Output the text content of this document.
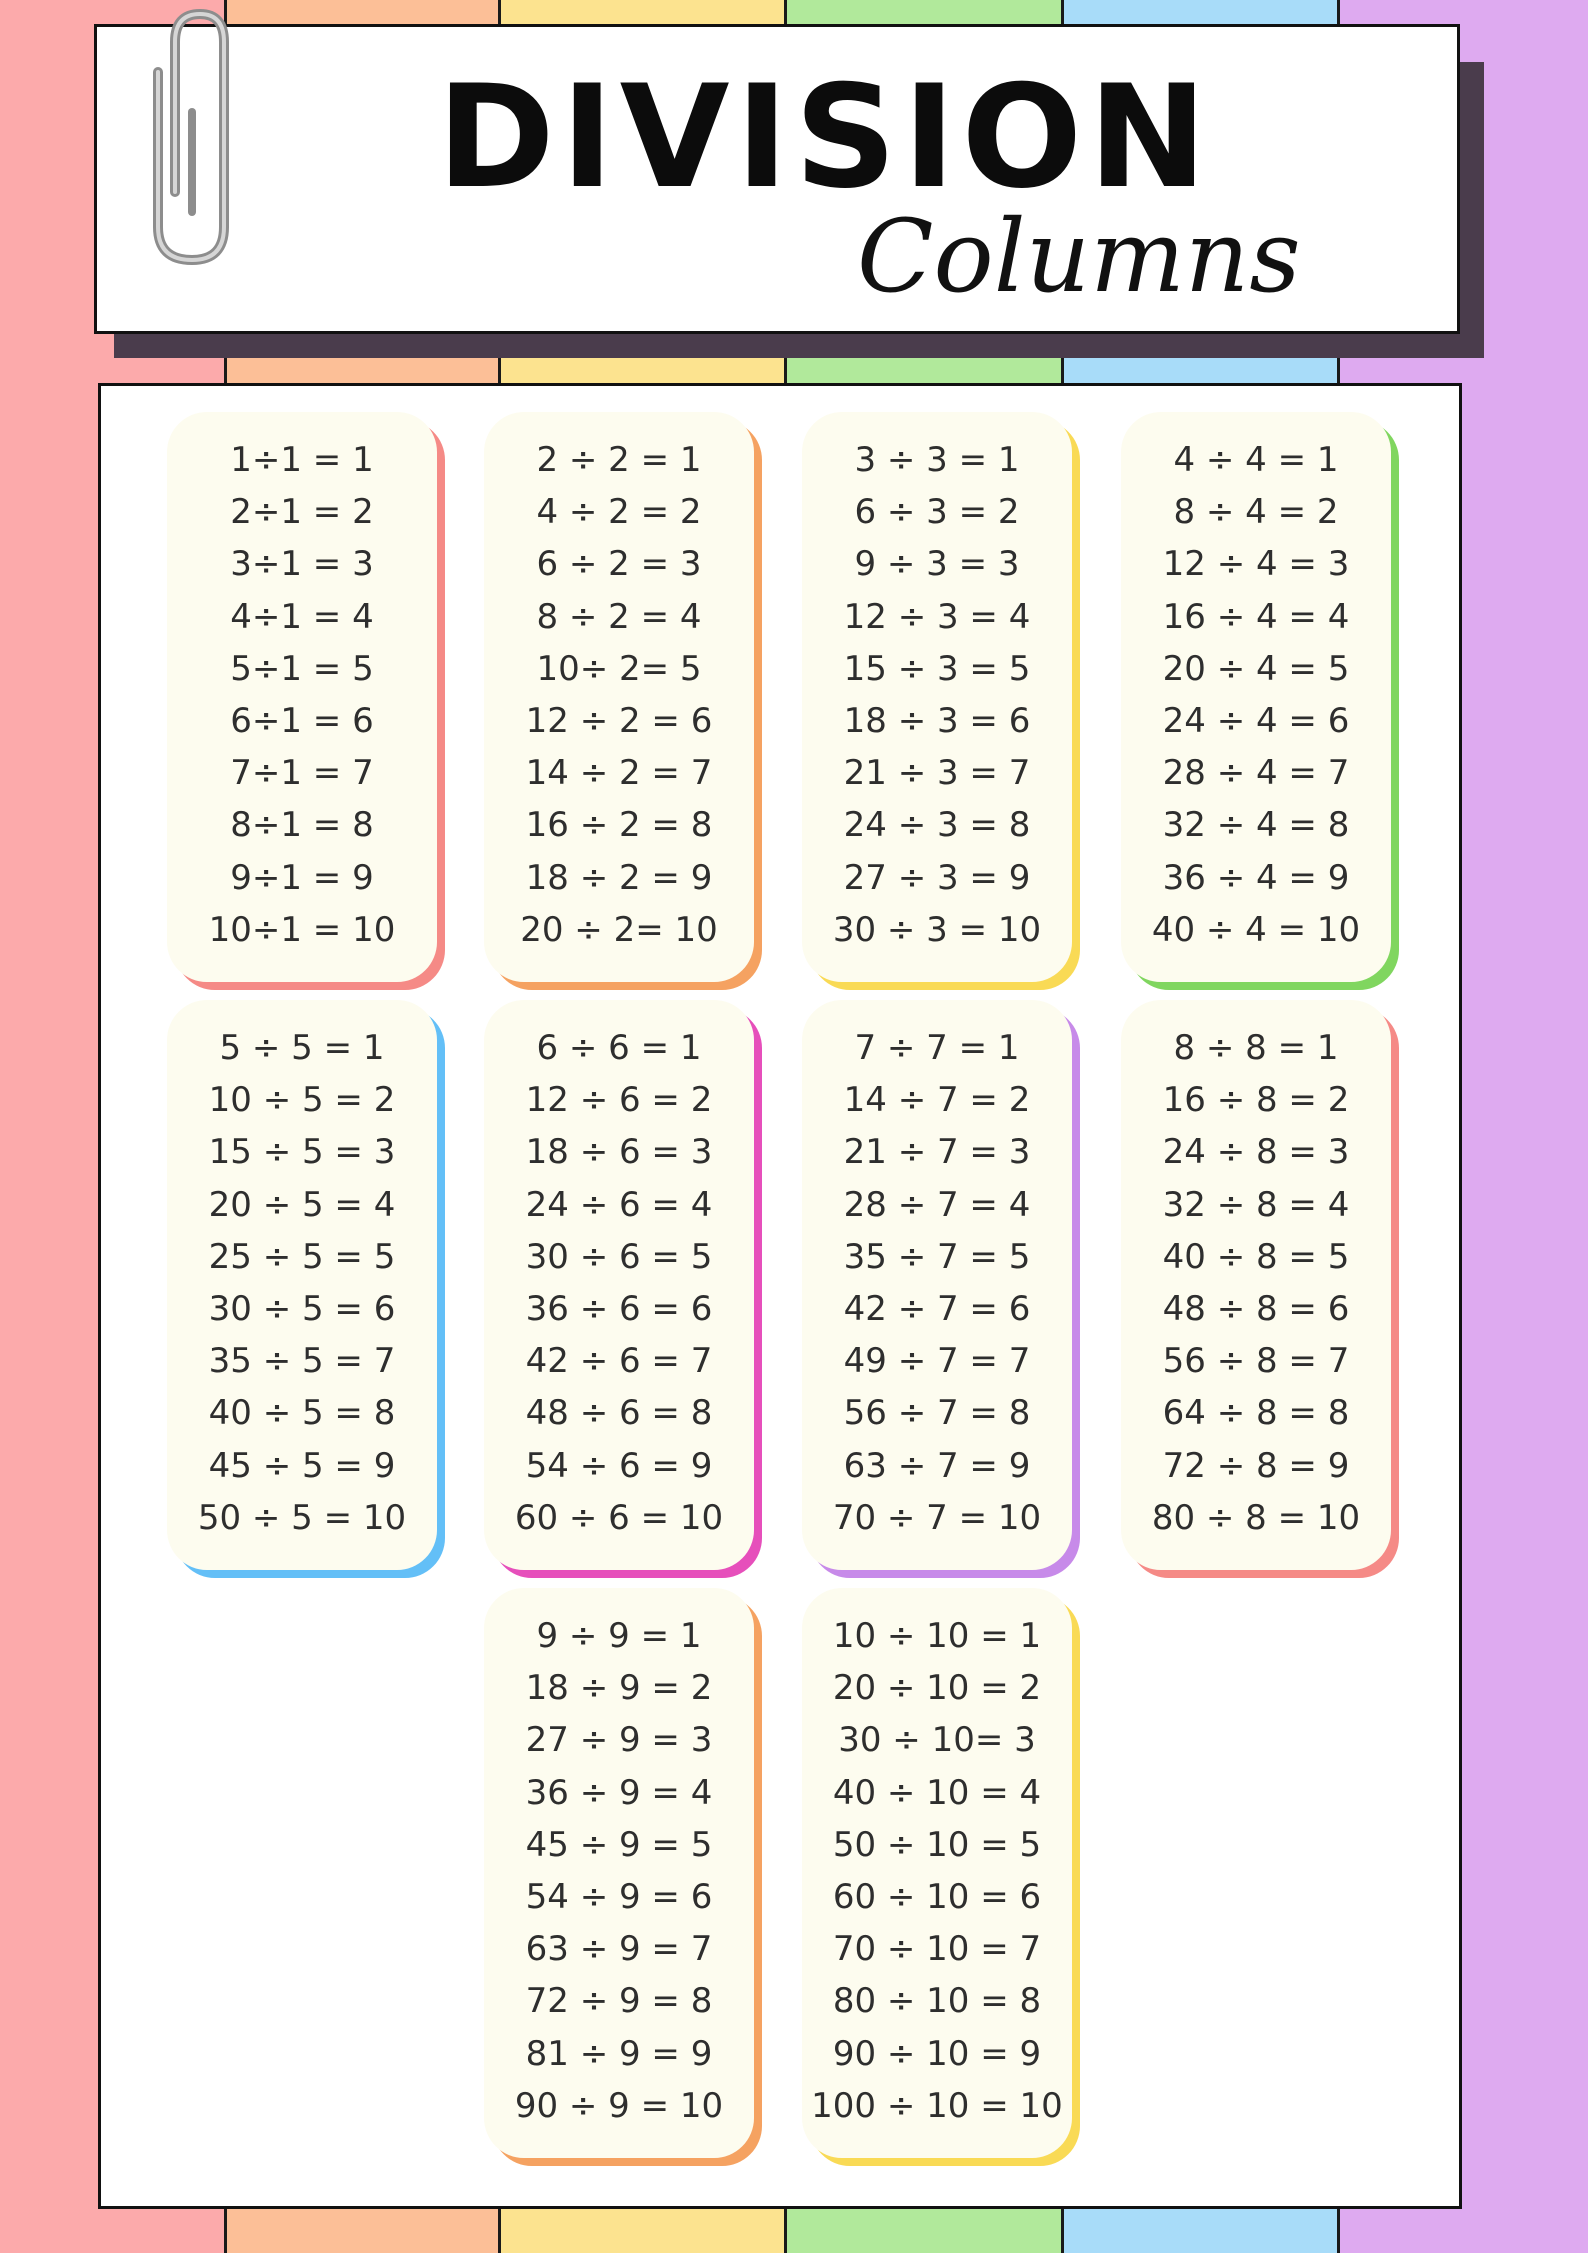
DIVISION
Columns
1÷1 = 1
2÷1 = 2
3÷1 = 3
4÷1 = 4
5÷1 = 5
6÷1 = 6
7÷1 = 7
8÷1 = 8
9÷1 = 9
10÷1 = 10
2 ÷ 2 = 1
4 ÷ 2 = 2
6 ÷ 2 = 3
8 ÷ 2 = 4
10÷ 2= 5
12 ÷ 2 = 6
14 ÷ 2 = 7
16 ÷ 2 = 8
18 ÷ 2 = 9
20 ÷ 2= 10
3 ÷ 3 = 1
6 ÷ 3 = 2
9 ÷ 3 = 3
12 ÷ 3 = 4
15 ÷ 3 = 5
18 ÷ 3 = 6
21 ÷ 3 = 7
24 ÷ 3 = 8
27 ÷ 3 = 9
30 ÷ 3 = 10
4 ÷ 4 = 1
8 ÷ 4 = 2
12 ÷ 4 = 3
16 ÷ 4 = 4
20 ÷ 4 = 5
24 ÷ 4 = 6
28 ÷ 4 = 7
32 ÷ 4 = 8
36 ÷ 4 = 9
40 ÷ 4 = 10
5 ÷ 5 = 1
10 ÷ 5 = 2
15 ÷ 5 = 3
20 ÷ 5 = 4
25 ÷ 5 = 5
30 ÷ 5 = 6
35 ÷ 5 = 7
40 ÷ 5 = 8
45 ÷ 5 = 9
50 ÷ 5 = 10
6 ÷ 6 = 1
12 ÷ 6 = 2
18 ÷ 6 = 3
24 ÷ 6 = 4
30 ÷ 6 = 5
36 ÷ 6 = 6
42 ÷ 6 = 7
48 ÷ 6 = 8
54 ÷ 6 = 9
60 ÷ 6 = 10
7 ÷ 7 = 1
14 ÷ 7 = 2
21 ÷ 7 = 3
28 ÷ 7 = 4
35 ÷ 7 = 5
42 ÷ 7 = 6
49 ÷ 7 = 7
56 ÷ 7 = 8
63 ÷ 7 = 9
70 ÷ 7 = 10
8 ÷ 8 = 1
16 ÷ 8 = 2
24 ÷ 8 = 3
32 ÷ 8 = 4
40 ÷ 8 = 5
48 ÷ 8 = 6
56 ÷ 8 = 7
64 ÷ 8 = 8
72 ÷ 8 = 9
80 ÷ 8 = 10
9 ÷ 9 = 1
18 ÷ 9 = 2
27 ÷ 9 = 3
36 ÷ 9 = 4
45 ÷ 9 = 5
54 ÷ 9 = 6
63 ÷ 9 = 7
72 ÷ 9 = 8
81 ÷ 9 = 9
90 ÷ 9 = 10
10 ÷ 10 = 1
20 ÷ 10 = 2
30 ÷ 10= 3
40 ÷ 10 = 4
50 ÷ 10 = 5
60 ÷ 10 = 6
70 ÷ 10 = 7
80 ÷ 10 = 8
90 ÷ 10 = 9
100 ÷ 10 = 10
